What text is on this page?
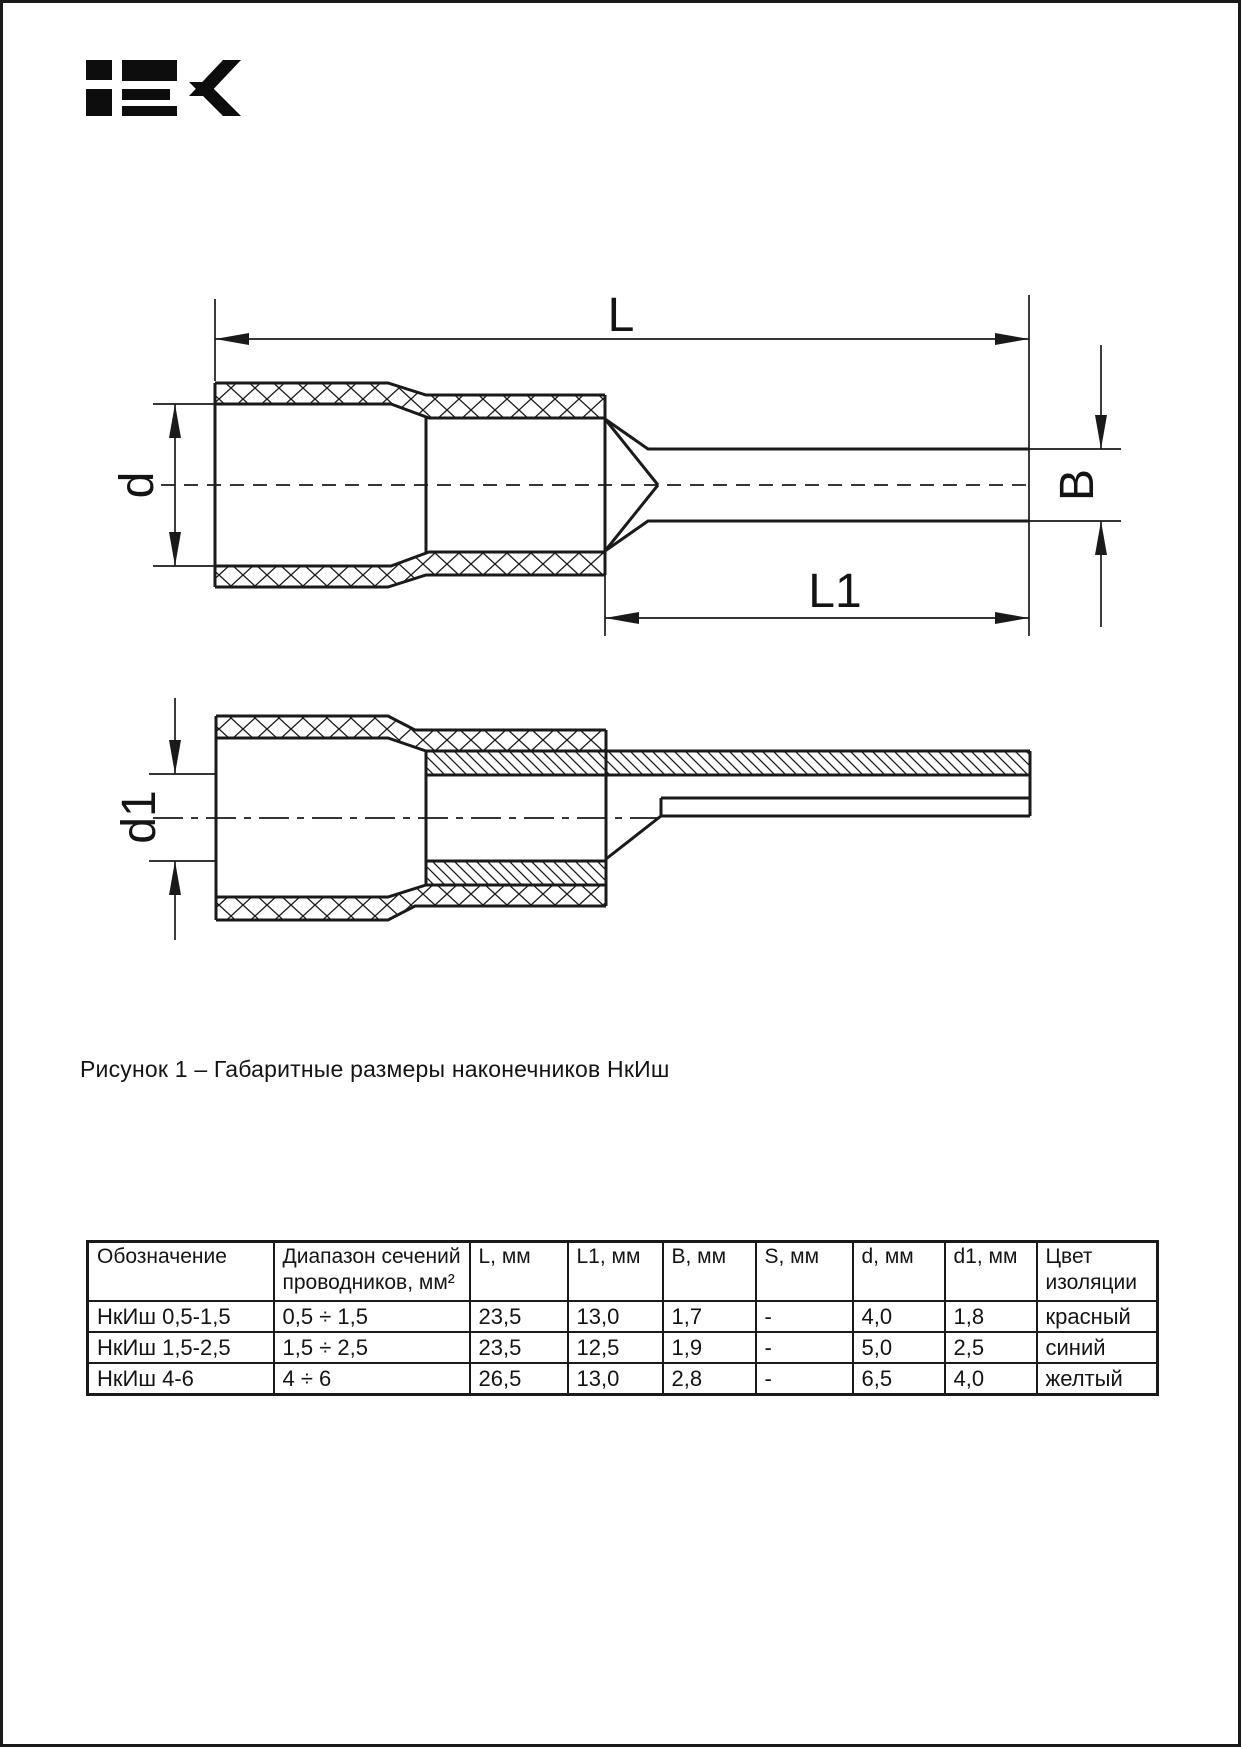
L
L1
B
d
d1
Рисунок 1 – Габаритные размеры наконечников НкИш
Обозначение	Диапазон сечений проводников, мм²	L, мм	L1, мм	B, мм	S, мм	d, мм	d1, мм	Цвет изоляции
НкИш 0,5-1,5	0,5 ÷ 1,5	23,5	13,0	1,7	-	4,0	1,8	красный
НкИш 1,5-2,5	1,5 ÷ 2,5	23,5	12,5	1,9	-	5,0	2,5	синий
НкИш 4-6	4 ÷ 6	26,5	13,0	2,8	-	6,5	4,0	желтый
